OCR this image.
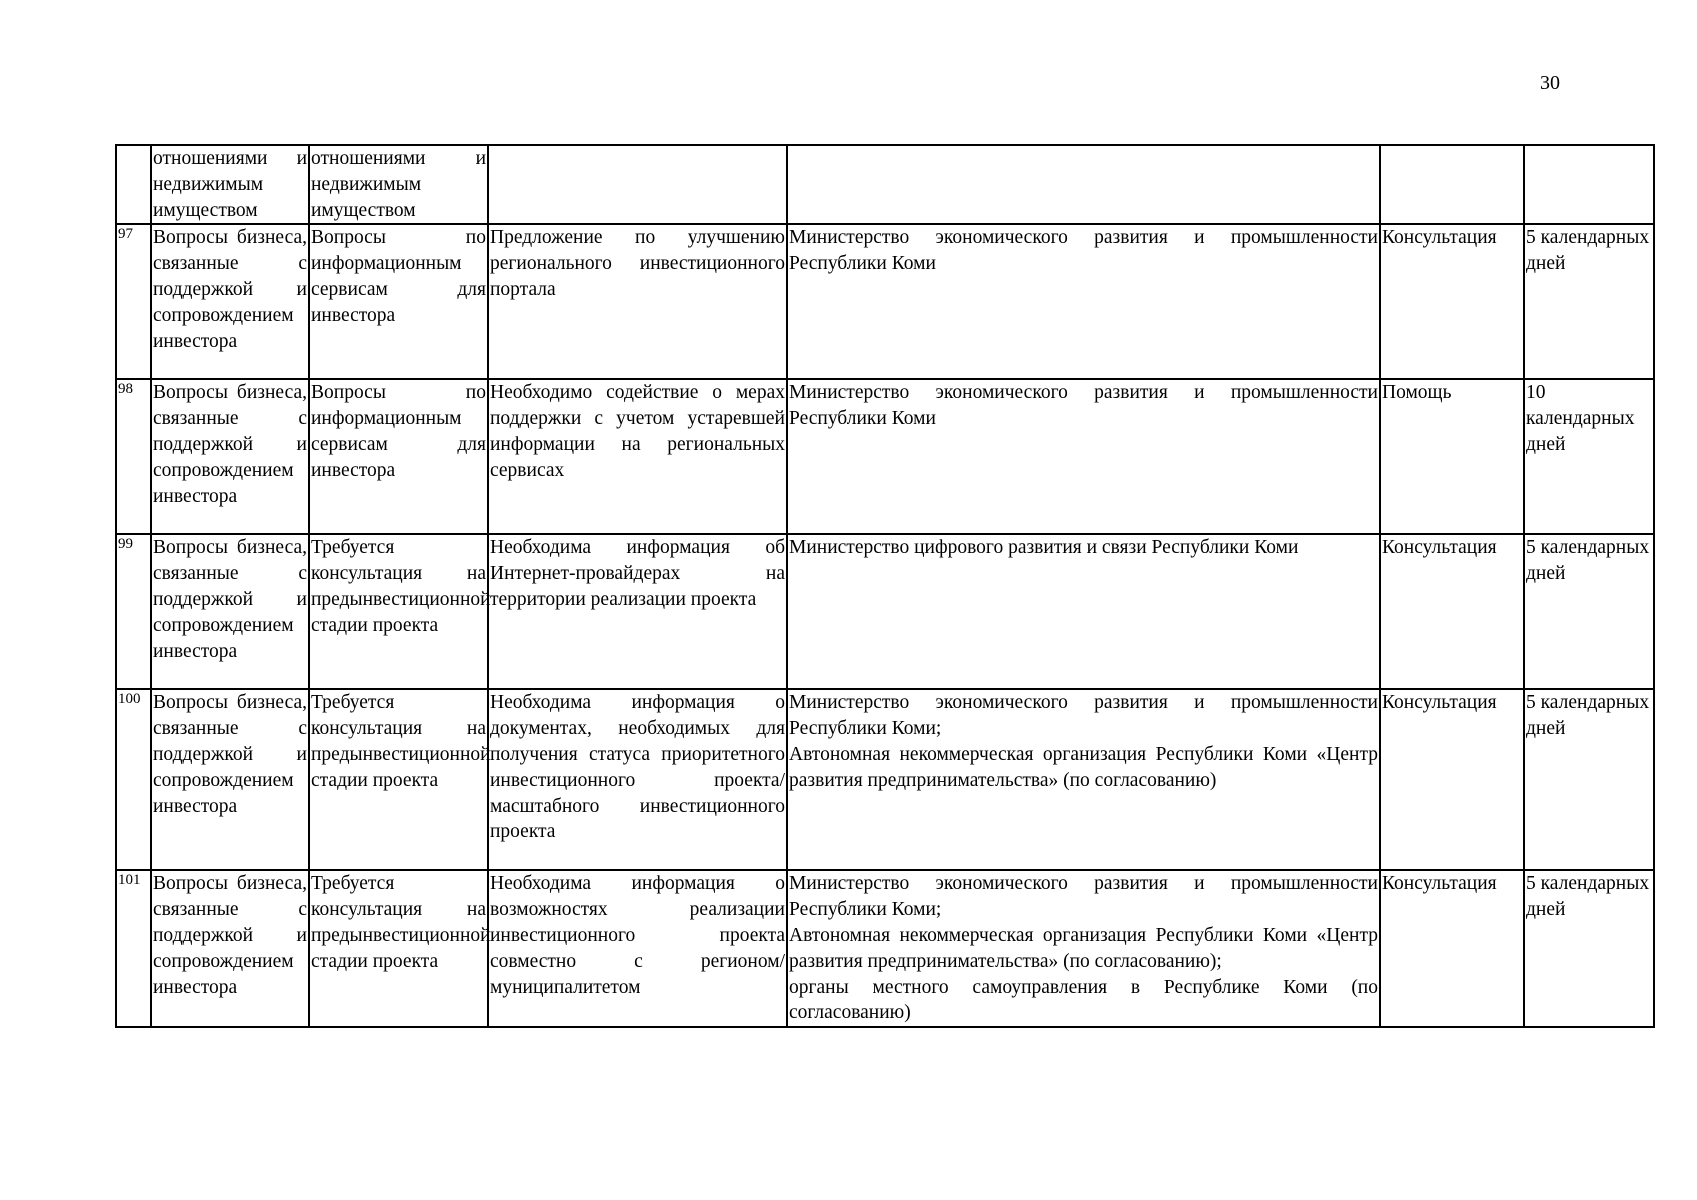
30
	отношениями и недвижимым имуществом	отношениями и недвижимым имуществом				
97	Вопросы бизнеса, связанные с поддержкой и сопровождением инвестора	Вопросы по информационным сервисам для инвестора	Предложение по улучшению регионального инвестиционного портала	Министерство экономического развития и промышленности Республики Коми	Консультация	5 календарных дней
98	Вопросы бизнеса, связанные с поддержкой и сопровождением инвестора	Вопросы по информационным сервисам для инвестора	Необходимо содействие о мерах поддержки с учетом устаревшей информации на региональных сервисах	Министерство экономического развития и промышленности Республики Коми	Помощь	10 календарных дней
99	Вопросы бизнеса, связанные с поддержкой и сопровождением инвестора	Требуется консультация на предынвестиционной стадии проекта	Необходима информация об Интернет-провайдерах на территории реализации проекта	Министерство цифрового развития и связи Республики Коми	Консультация	5 календарных дней
100	Вопросы бизнеса, связанные с поддержкой и сопровождением инвестора	Требуется консультация на предынвестиционной стадии проекта	Необходима информация о документах, необходимых для получения статуса приоритетного инвестиционного проекта/масштабного инвестиционного проекта	Министерство экономического развития и промышленности Республики Коми;
Автономная некоммерческая организация Республики Коми «Центр развития предпринимательства» (по согласованию)	Консультация	5 календарных дней
101	Вопросы бизнеса, связанные с поддержкой и сопровождением инвестора	Требуется консультация на предынвестиционной стадии проекта	Необходима информация о возможностях реализации инвестиционного проекта совместно с регионом/муниципалитетом	Министерство экономического развития и промышленности Республики Коми;
Автономная некоммерческая организация Республики Коми «Центр развития предпринимательства» (по согласованию);
органы местного самоуправления в Республике Коми (по согласованию)	Консультация	5 календарных дней
